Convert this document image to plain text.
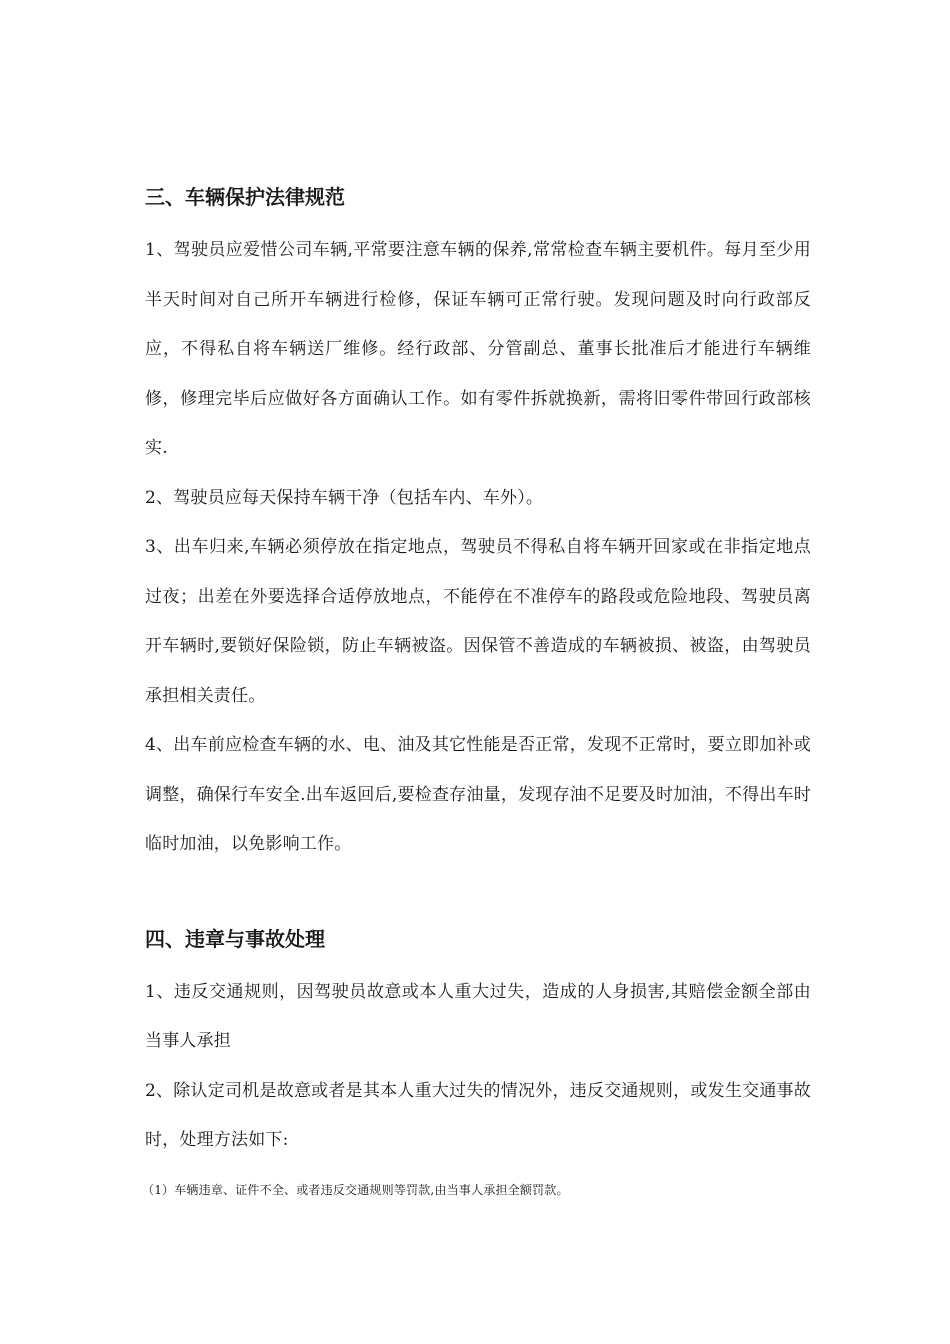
三、车辆保护法律规范

1、驾驶员应爱惜公司车辆,平常要注意车辆的保养,常常检查车辆主要机件。每月至少用半天时间对自己所开车辆进行检修，保证车辆可正常行驶。发现问题及时向行政部反应，不得私自将车辆送厂维修。经行政部、分管副总、董事长批准后才能进行车辆维修，修理完毕后应做好各方面确认工作。如有零件拆就换新，需将旧零件带回行政部核实.

2、驾驶员应每天保持车辆干净（包括车内、车外）。

3、出车归来,车辆必须停放在指定地点，驾驶员不得私自将车辆开回家或在非指定地点过夜；出差在外要选择合适停放地点，不能停在不准停车的路段或危险地段、驾驶员离开车辆时,要锁好保险锁，防止车辆被盗。因保管不善造成的车辆被损、被盗，由驾驶员承担相关责任。

4、出车前应检查车辆的水、电、油及其它性能是否正常，发现不正常时，要立即加补或调整，确保行车安全.出车返回后,要检查存油量，发现存油不足要及时加油，不得出车时临时加油，以免影响工作。

四、违章与事故处理

1、违反交通规则，因驾驶员故意或本人重大过失，造成的人身损害,其赔偿金额全部由当事人承担

2、除认定司机是故意或者是其本人重大过失的情况外，违反交通规则，或发生交通事故时，处理方法如下:

（1）车辆违章、证件不全、或者违反交通规则等罚款,由当事人承担全额罚款。
